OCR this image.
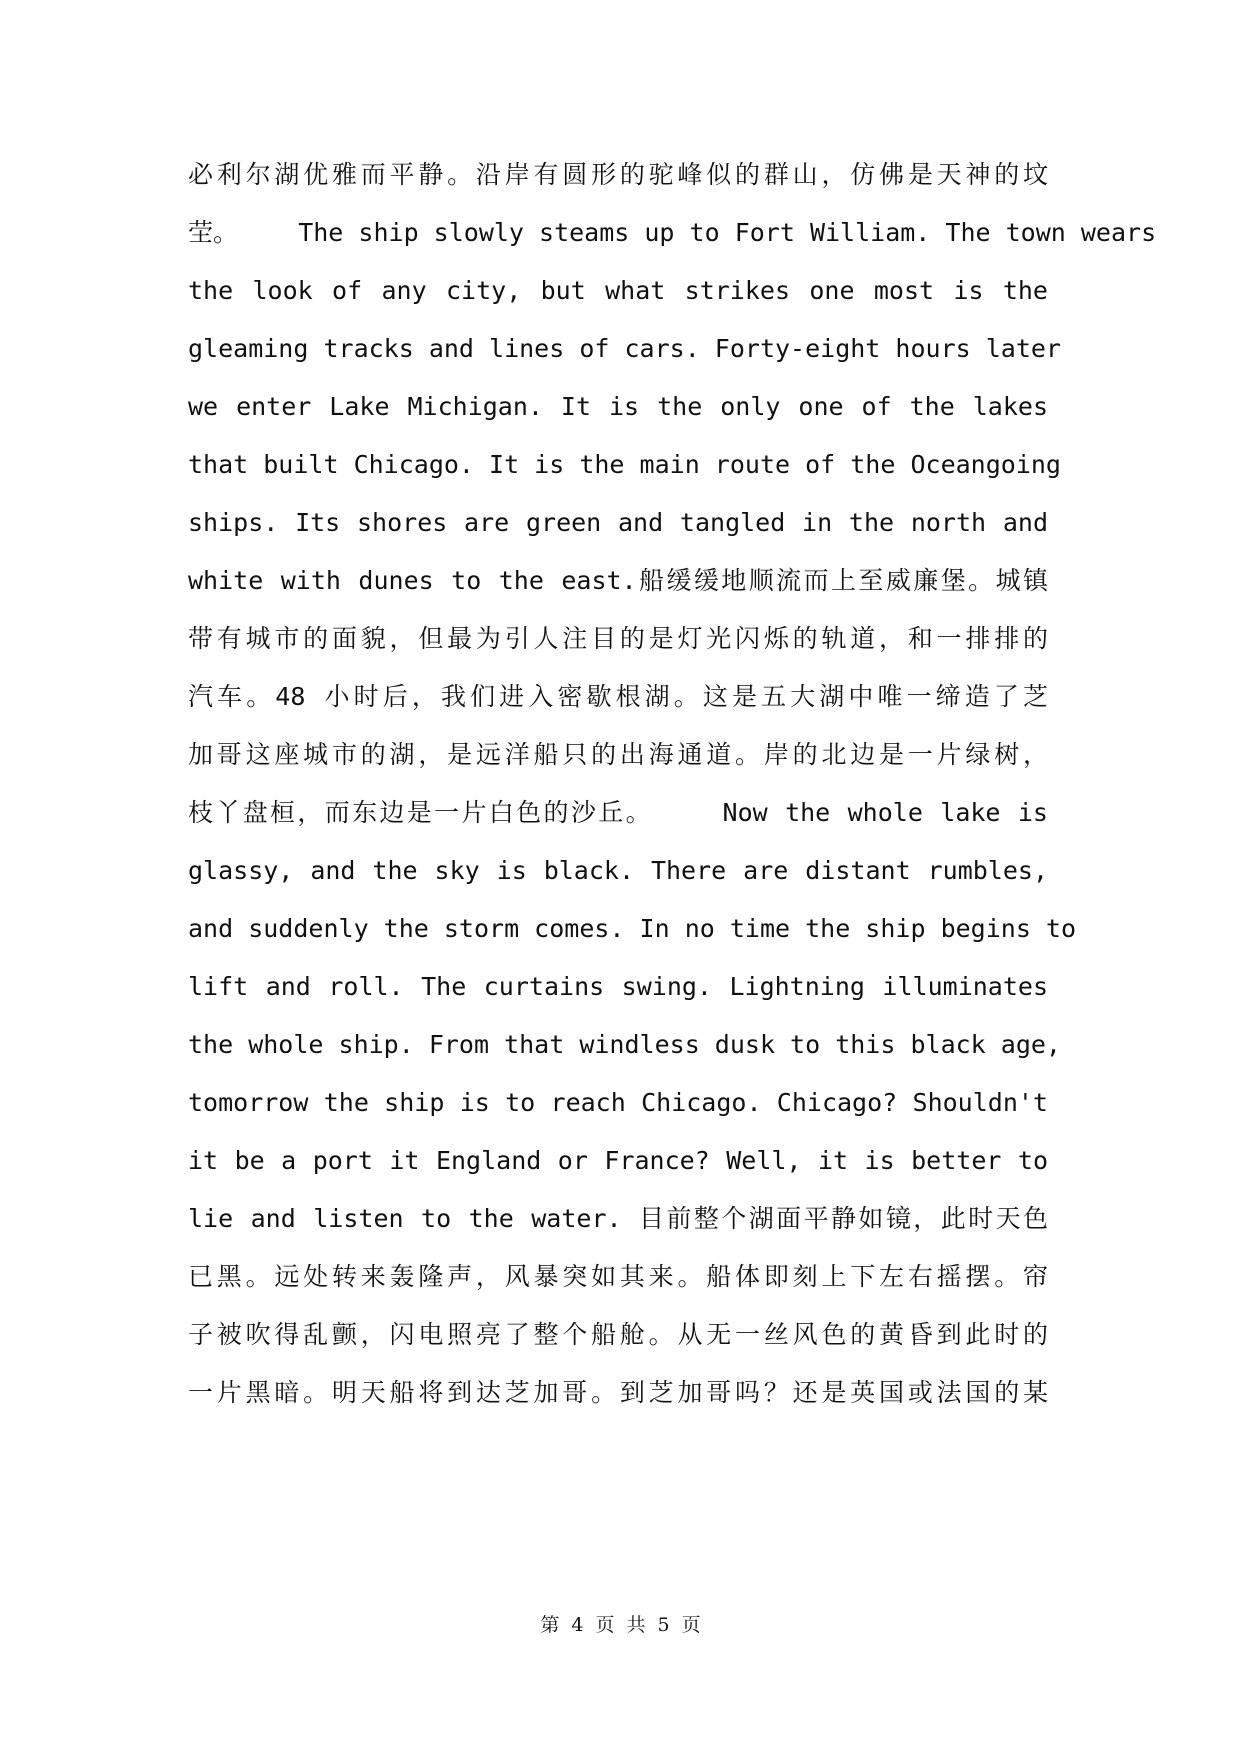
必利尔湖优雅而平静。沿岸有圆形的驼峰似的群山，仿佛是天神的坟
茔。    The ship slowly steams up to Fort William. The town wears
the look of any city, but what strikes one most is the
gleaming tracks and lines of cars. Forty-eight hours later
we enter Lake Michigan. It is the only one of the lakes
that built Chicago. It is the main route of the Oceangoing
ships. Its shores are green and tangled in the north and
white with dunes to the east.船缓缓地顺流而上至威廉堡。城镇
带有城市的面貌，但最为引人注目的是灯光闪烁的轨道，和一排排的
汽车。48 小时后，我们进入密歇根湖。这是五大湖中唯一缔造了芝
加哥这座城市的湖，是远洋船只的出海通道。岸的北边是一片绿树，
枝丫盘桓，而东边是一片白色的沙丘。    Now the whole lake is
glassy, and the sky is black. There are distant rumbles,
and suddenly the storm comes. In no time the ship begins to
lift and roll. The curtains swing. Lightning illuminates
the whole ship. From that windless dusk to this black age,
tomorrow the ship is to reach Chicago. Chicago? Shouldn't
it be a port it England or France? Well, it is better to
lie and listen to the water. 目前整个湖面平静如镜，此时天色
已黑。远处转来轰隆声，风暴突如其来。船体即刻上下左右摇摆。帘
子被吹得乱颤，闪电照亮了整个船舱。从无一丝风色的黄昏到此时的
一片黑暗。明天船将到达芝加哥。到芝加哥吗？还是英国或法国的某
第 4 页 共 5 页
